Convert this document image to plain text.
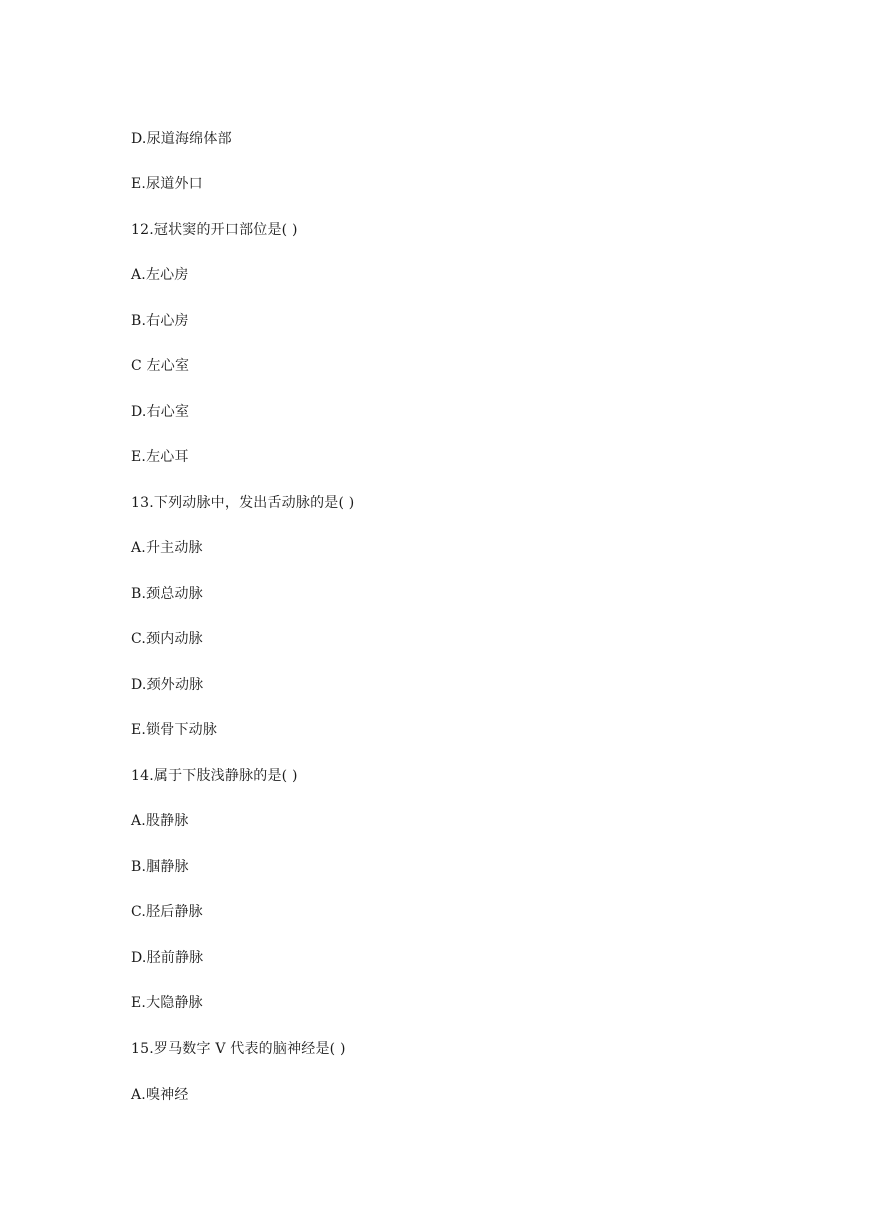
D.尿道海绵体部
E.尿道外口
12.冠状窦的开口部位是( )
A.左心房
B.右心房
C 左心室
D.右心室
E.左心耳
13.下列动脉中，发出舌动脉的是( )
A.升主动脉
B.颈总动脉
C.颈内动脉
D.颈外动脉
E.锁骨下动脉
14.属于下肢浅静脉的是( )
A.股静脉
B.腘静脉
C.胫后静脉
D.胫前静脉
E.大隐静脉
15.罗马数字 V 代表的脑神经是( )
A.嗅神经
